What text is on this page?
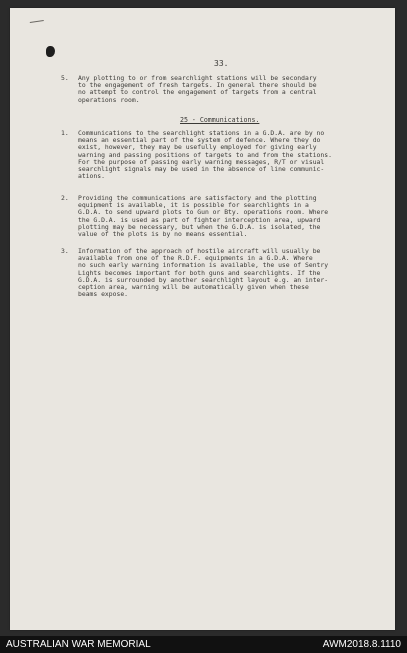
33.
5. Any plotting to or from searchlight stations will be secondary
to the engagement of fresh targets. In general there should be
no attempt to control the engagement of targets from a central
operations room.
25 - Communications.
1. Communications to the searchlight stations in a G.D.A. are by no
means an essential part of the system of defence. Where they do
exist, however, they may be usefully employed for giving early
warning and passing positions of targets to and from the stations.
For the purpose of passing early warning messages, R/T or visual
searchlight signals may be used in the absence of line communic-
ations.
2. Providing the communications are satisfactory and the plotting
equipment is available, it is possible for searchlights in a
G.D.A. to send upward plots to Gun or Bty. operations room. Where
the G.D.A. is used as part of fighter interception area, upward
plotting may be necessary, but when the G.D.A. is isolated, the
value of the plots is by no means essential.
3. Information of the approach of hostile aircraft will usually be
available from one of the R.D.F. equipments in a G.D.A. Where
no such early warning information is available, the use of Sentry
Lights becomes important for both guns and searchlights. If the
G.D.A. is surrounded by another searchlight layout e.g. an inter-
ception area, warning will be automatically given when these
beams expose.
AUSTRALIAN WAR MEMORIAL	AWM2018.8.1110
